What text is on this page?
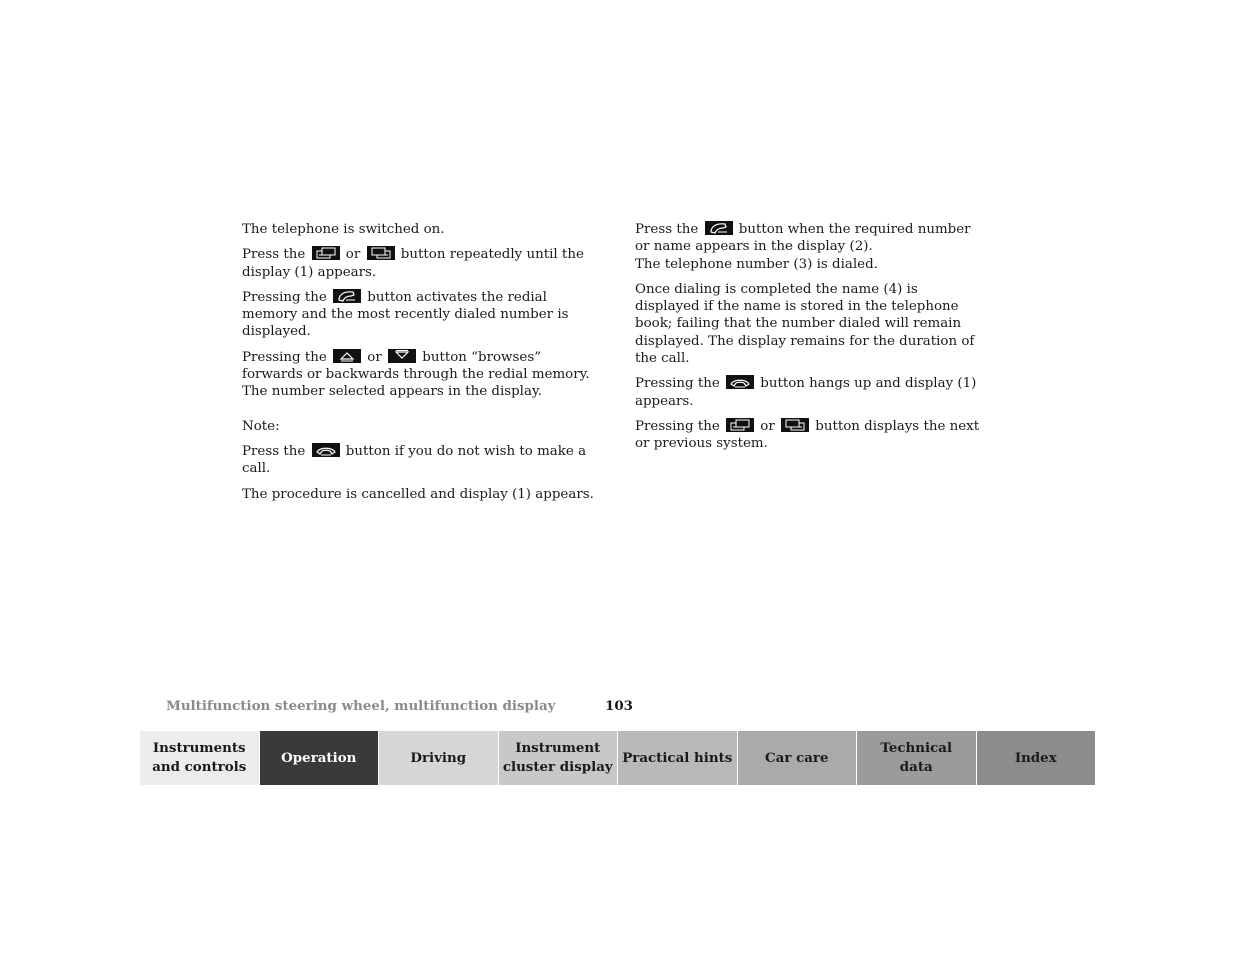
The telephone is switched on.

Press the	or	button repeatedly until the display (1) appears.

Pressing the	button activates the redial memory and the most recently dialed number is displayed.

Pressing the	or	button “browses” forwards or backwards through the redial memory. The number selected appears in the display.

Note:

Press the	button if you do not wish to make a call.

The procedure is cancelled and display (1) appears.

Press the	button when the required number or name appears in the display (2).
The telephone number (3) is dialed.

Once dialing is completed the name (4) is displayed if the name is stored in the telephone book; failing that the number dialed will remain displayed. The display remains for the duration of the call.

Pressing the	button hangs up and display (1) appears.

Pressing the	or	button displays the next or previous system.

Multifunction steering wheel, multifunction display	103
Instruments
and controls
Operation	Driving
Instrument
cluster display
Practical hints	Car care
Technical
data
Index
